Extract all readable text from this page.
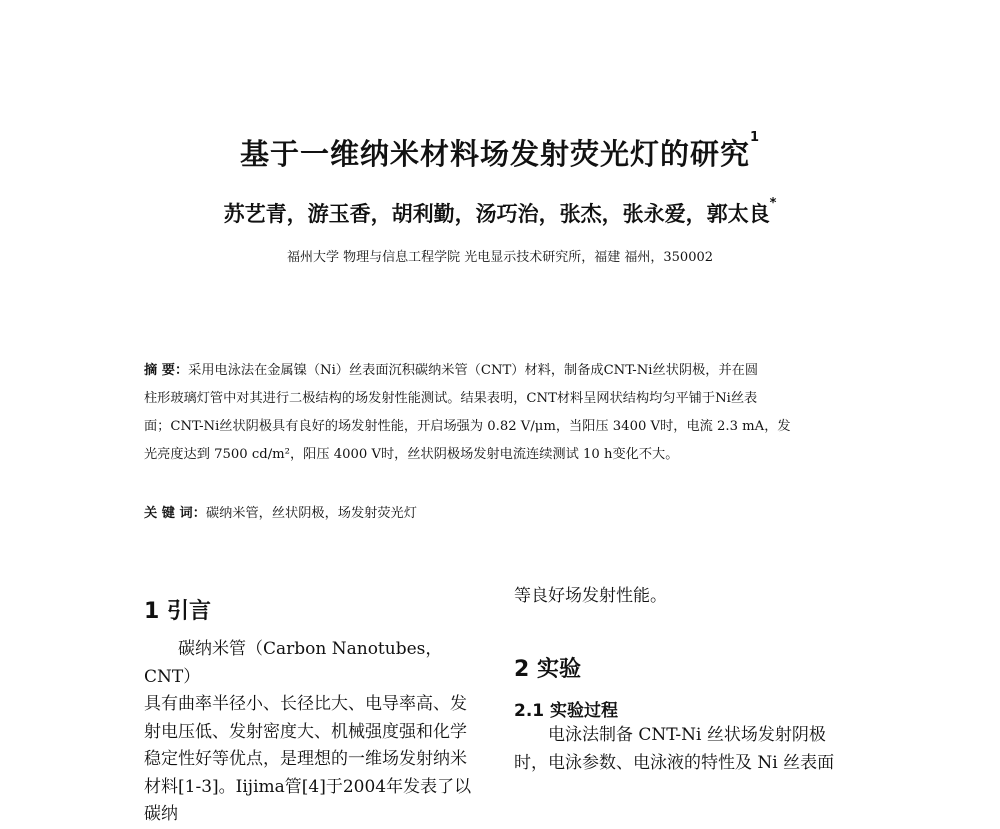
基于一维纳米材料场发射荧光灯的研究$^1$
苏艺青，游玉香，胡利勤，汤巧治，张杰，张永爱，郭太良*
福州大学 物理与信息工程学院 光电显示技术研究所，福建 福州，350002
摘 要：采用电泳法在金属镍（Ni）丝表面沉积碳纳米管（CNT）材料，制备成CNT-Ni丝状阴极，并在圆
柱形玻璃灯管中对其进行二极结构的场发射性能测试。结果表明，CNT材料呈网状结构均匀平铺于Ni丝表
面；CNT-Ni丝状阴极具有良好的场发射性能，开启场强为 0.82 V/μm，当阳压 3400 V时，电流 2.3 mA，发
光亮度达到 7500 cd/m²，阳压 4000 V时，丝状阴极场发射电流连续测试 10 h变化不大。
关 键 词：碳纳米管，丝状阴极，场发射荧光灯
1 引言
碳纳米管（Carbon Nanotubes，CNT）
具有曲率半径小、长径比大、电导率高、发
射电压低、发射密度大、机械强度强和化学
稳定性好等优点，是理想的一维场发射纳米
材料[1-3]。Iijima管[4]于2004年发表了以碳纳
等良好场发射性能。
2 实验
2.1 实验过程
电泳法制备 CNT-Ni 丝状场发射阴极
时，电泳参数、电泳液的特性及 Ni 丝表面
